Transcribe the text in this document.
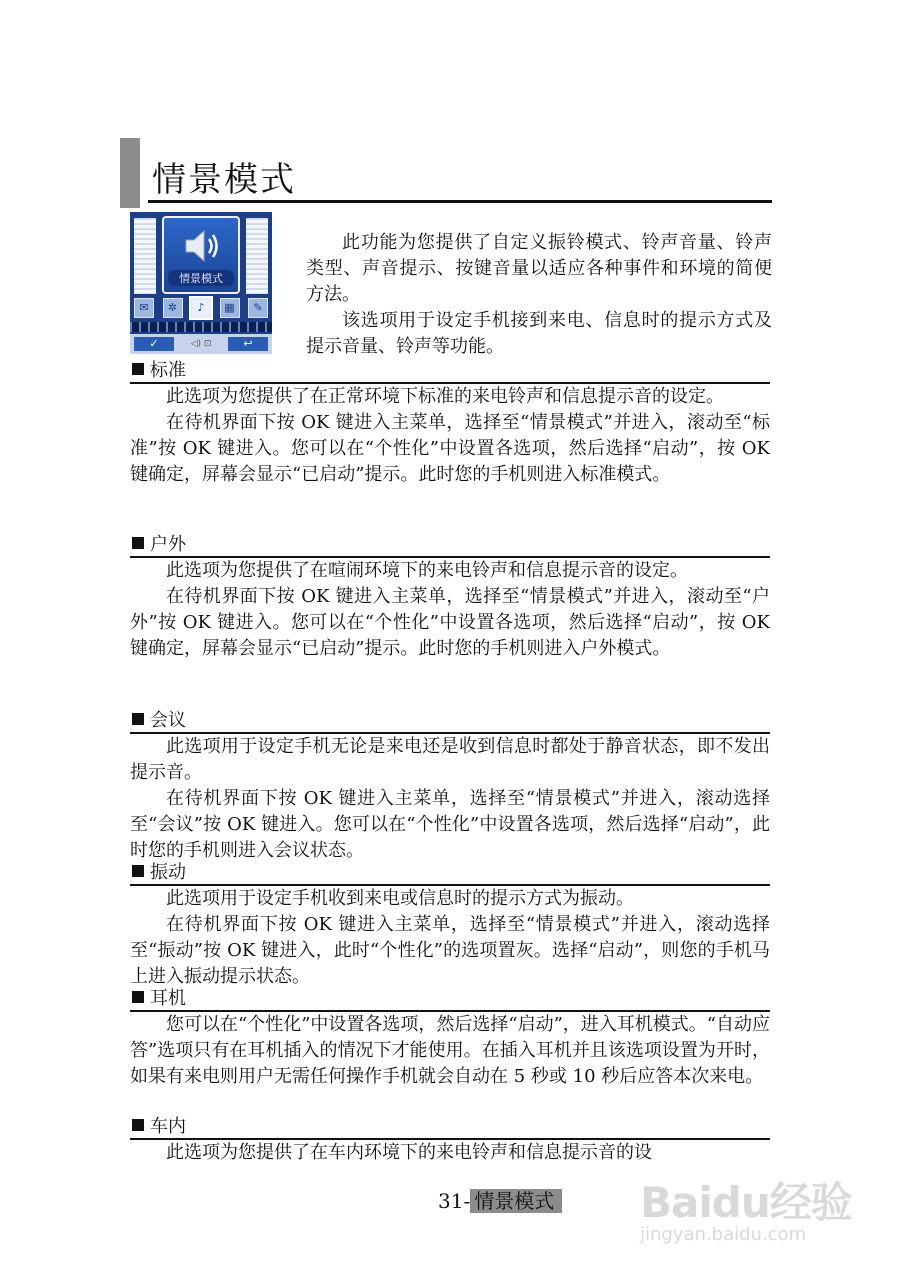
情景模式
情景模式
✉	✲	♪	▦	✎
✓	◁) ⊡	↩

此功能为您提供了自定义振铃模式、铃声音量、铃声类型、声音提示、按键音量以适应各种事件和环境的简便方法。

该选项用于设定手机接到来电、信息时的提示方式及提示音量、铃声等功能。

标准

此选项为您提供了在正常环境下标准的来电铃声和信息提示音的设定。

在待机界面下按 OK 键进入主菜单，选择至“情景模式”并进入，滚动至“标准”按 OK 键进入。您可以在“个性化”中设置各选项，然后选择“启动”，按 OK 键确定，屏幕会显示“已启动”提示。此时您的手机则进入标准模式。

户外

此选项为您提供了在喧闹环境下的来电铃声和信息提示音的设定。

在待机界面下按 OK 键进入主菜单，选择至“情景模式”并进入，滚动至“户外”按 OK 键进入。您可以在“个性化”中设置各选项，然后选择“启动”，按 OK 键确定，屏幕会显示“已启动”提示。此时您的手机则进入户外模式。

会议

此选项用于设定手机无论是来电还是收到信息时都处于静音状态，即不发出提示音。

在待机界面下按 OK 键进入主菜单，选择至“情景模式”并进入，滚动选择至“会议”按 OK 键进入。您可以在“个性化”中设置各选项，然后选择“启动”，此时您的手机则进入会议状态。

振动

此选项用于设定手机收到来电或信息时的提示方式为振动。

在待机界面下按 OK 键进入主菜单，选择至“情景模式”并进入，滚动选择至“振动”按 OK 键进入，此时“个性化”的选项置灰。选择“启动”，则您的手机马上进入振动提示状态。

耳机

您可以在“个性化”中设置各选项，然后选择“启动”，进入耳机模式。“自动应答”选项只有在耳机插入的情况下才能使用。在插入耳机并且该选项设置为开时，如果有来电则用户无需任何操作手机就会自动在 5 秒或 10 秒后应答本次来电。

车内

此选项为您提供了在车内环境下的来电铃声和信息提示音的设

31- 情景模式 Baidu经验
jingyan.baidu.com
